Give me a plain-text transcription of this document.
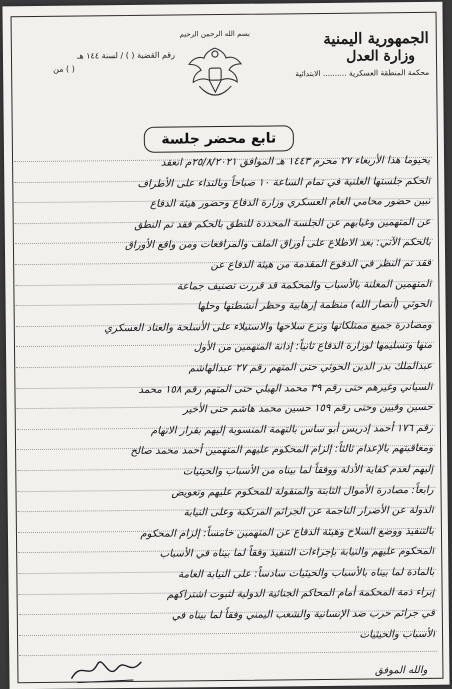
الجمهورية اليمنية
وزارة العدل
محكمة المنطقة العسكرية .......... الابتدائية
بسم الله الرحمن الرحيم
رقم القضية ( ) / لسنة ١٤٤ هـ
من ( )
تابع محضر جلسة
يحيوما هذا الأربعاء ٢٧ محرم ١٤٤٣ هـ الموافق ٢٥/٨/٢٠٢١م انعقد
الحكم جلستها العلنية في تمام الساعة ١٠ صباحاً وبالنداء على الأطراف
تبين حضور محامي العام العسكري وزارة الدفاع وحضور هيئة الدفاع
عن المتهمين وغيابهم عن الجلسة المحددة للنطق بالحكم فقد تم النطق
بالحكم الآتي: بعد الاطلاع على أوراق الملف والمرافعات ومن واقع الأوراق
فقد تم النظر في الدفوع المقدمة من هيئة الدفاع عن
المتهمين المعلنة بالأسباب والمحكمة قد قررت تصنيف جماعة
الحوثي (أنصار الله) منظمة إرهابية وحظر أنشطتها وحلها
ومصادرة جميع ممتلكاتها ونزع سلاحها والاستيلاء على الأسلحة والعتاد العسكري
منها وتسليمها لوزارة الدفاع ثانياً: إدانة المتهمين من الأول
عبدالملك بدر الدين الحوثي حتى المتهم رقم ٢٧ عبدالهاشم
السياني وغيرهم حتى رقم ٣٩ محمد الهبلي حتى المتهم رقم ١٥٨ محمد
حسين وفيين وحتى رقم ١٥٩ حسين محمد هاشم حتى الأخير
رقم ١٧٦ أحمد إدريس أبو ساس بالتهمة المنسوبة إليهم بقرار الاتهام
ومعاقبتهم بالإعدام ثالثاً: إلزام المحكوم عليهم المتهمين أحمد محمد صالح
إليهم لعدم كفاية الأدلة ووفقاً لما بيناه من الأسباب والحيثيات
رابعاً: مصادرة الأموال الثابتة والمنقولة للمحكوم عليهم وتعويض
الدولة عن الأضرار الناجمة عن الجرائم المرتكبة وعلى النيابة
بالتنفيذ ووضع السلاح وهيئة الدفاع عن المتهمين خامساً: إلزام المحكوم
المحكوم عليهم والنيابة بإجراءات التنفيذ وفقاً لما بيناه في الأسباب
بالمادة لما بيناه بالأسباب والحيثيات سادساً: على النيابة العامة
إبراء ذمة المحكمة أمام المحاكم الجنائية الدولية لثبوت اشتراكهم
في جرائم حرب ضد الإنسانية والشعب اليمني وفقاً لما بيناه في
الأسباب والحيثيات
والله الموفق
